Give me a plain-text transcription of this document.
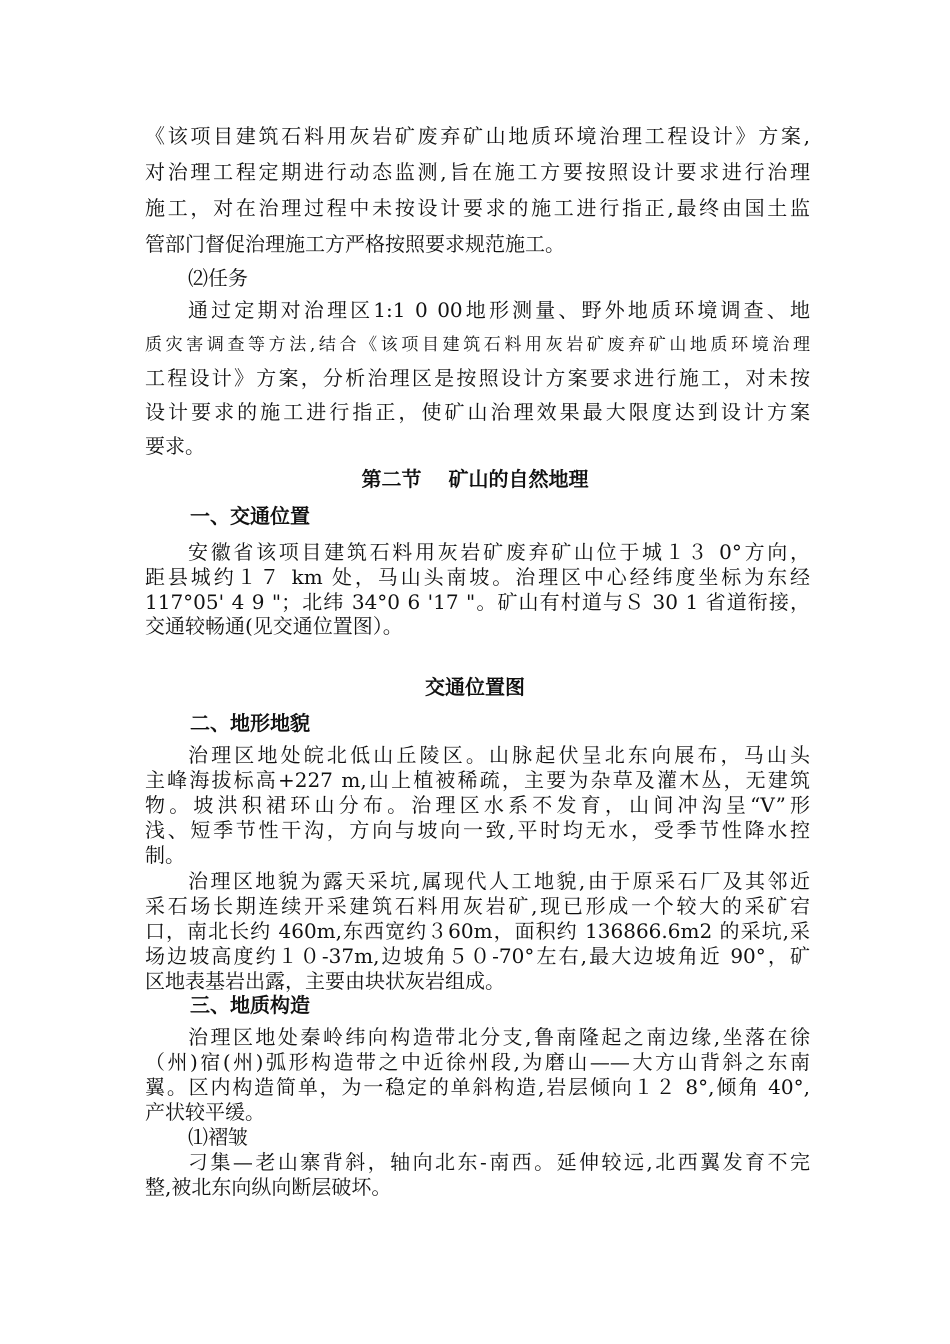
《该项目建筑石料用灰岩矿废弃矿山地质环境治理工程设计》方案,
对治理工程定期进行动态监测,旨在施工方要按照设计要求进行治理
施工，对在治理过程中未按设计要求的施工进行指正,最终由国土监
管部门督促治理施工方严格按照要求规范施工。
⑵任务
通过定期对治理区1:1 0 00地形测量、野外地质环境调查、地
质灾害调查等方法,结合《该项目建筑石料用灰岩矿废弃矿山地质环境治理
工程设计》方案，分析治理区是按照设计方案要求进行施工，对未按
设计要求的施工进行指正，使矿山治理效果最大限度达到设计方案
要求。
第二节　 矿山的自然地理
一、交通位置
安徽省该项目建筑石料用灰岩矿废弃矿山位于城１３ 0°方向，
距县城约１７ km 处，马山头南坡。治理区中心经纬度坐标为东经
117°05' 4 9 "；北纬 34°0 6 '17 "。矿山有村道与Ｓ 30 1 省道衔接，
交通较畅通(见交通位置图）。
交通位置图
二、地形地貌
治理区地处皖北低山丘陵区。山脉起伏呈北东向展布，马山头
主峰海拔标高+227 m,山上植被稀疏，主要为杂草及灌木丛，无建筑
物。坡洪积裙环山分布。治理区水系不发育，山间冲沟呈“V”形
浅、短季节性干沟，方向与坡向一致,平时均无水，受季节性降水控
制。
治理区地貌为露天采坑,属现代人工地貌,由于原采石厂及其邻近
采石场长期连续开采建筑石料用灰岩矿,现已形成一个较大的采矿宕
口，南北长约 460m,东西宽约３60m，面积约 136866.6m2 的采坑,采
场边坡高度约１０-37m,边坡角５０-70°左右,最大边坡角近 90°，矿
区地表基岩出露，主要由块状灰岩组成。
三、地质构造
治理区地处秦岭纬向构造带北分支,鲁南隆起之南边缘,坐落在徐
（州)宿(州)弧形构造带之中近徐州段,为磨山——大方山背斜之东南
翼。区内构造简单，为一稳定的单斜构造,岩层倾向１２ 8°,倾角 40°,
产状较平缓。
⑴褶皱
刁集—老山寨背斜，轴向北东-南西。延伸较远,北西翼发育不完
整,被北东向纵向断层破坏。
